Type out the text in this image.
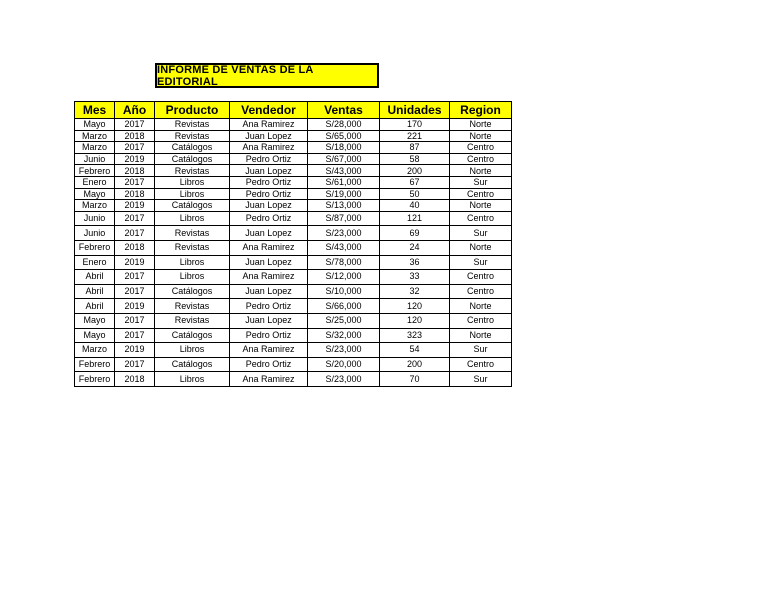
INFORME DE VENTAS DE LA EDITORIAL
Mes	Año	Producto	Vendedor	Ventas	Unidades	Region
Mayo	2017	Revistas	Ana Ramirez	S/28,000	170	Norte
Marzo	2018	Revistas	Juan Lopez	S/65,000	221	Norte
Marzo	2017	Catálogos	Ana Ramirez	S/18,000	87	Centro
Junio	2019	Catálogos	Pedro Ortiz	S/67,000	58	Centro
Febrero	2018	Revistas	Juan Lopez	S/43,000	200	Norte
Enero	2017	Libros	Pedro Ortiz	S/61,000	67	Sur
Mayo	2018	Libros	Pedro Ortiz	S/19,000	50	Centro
Marzo	2019	Catálogos	Juan Lopez	S/13,000	40	Norte
Junio	2017	Libros	Pedro Ortiz	S/87,000	121	Centro
Junio	2017	Revistas	Juan Lopez	S/23,000	69	Sur
Febrero	2018	Revistas	Ana Ramirez	S/43,000	24	Norte
Enero	2019	Libros	Juan Lopez	S/78,000	36	Sur
Abril	2017	Libros	Ana Ramirez	S/12,000	33	Centro
Abril	2017	Catálogos	Juan Lopez	S/10,000	32	Centro
Abril	2019	Revistas	Pedro Ortiz	S/66,000	120	Norte
Mayo	2017	Revistas	Juan Lopez	S/25,000	120	Centro
Mayo	2017	Catálogos	Pedro Ortiz	S/32,000	323	Norte
Marzo	2019	Libros	Ana Ramirez	S/23,000	54	Sur
Febrero	2017	Catálogos	Pedro Ortiz	S/20,000	200	Centro
Febrero	2018	Libros	Ana Ramirez	S/23,000	70	Sur
